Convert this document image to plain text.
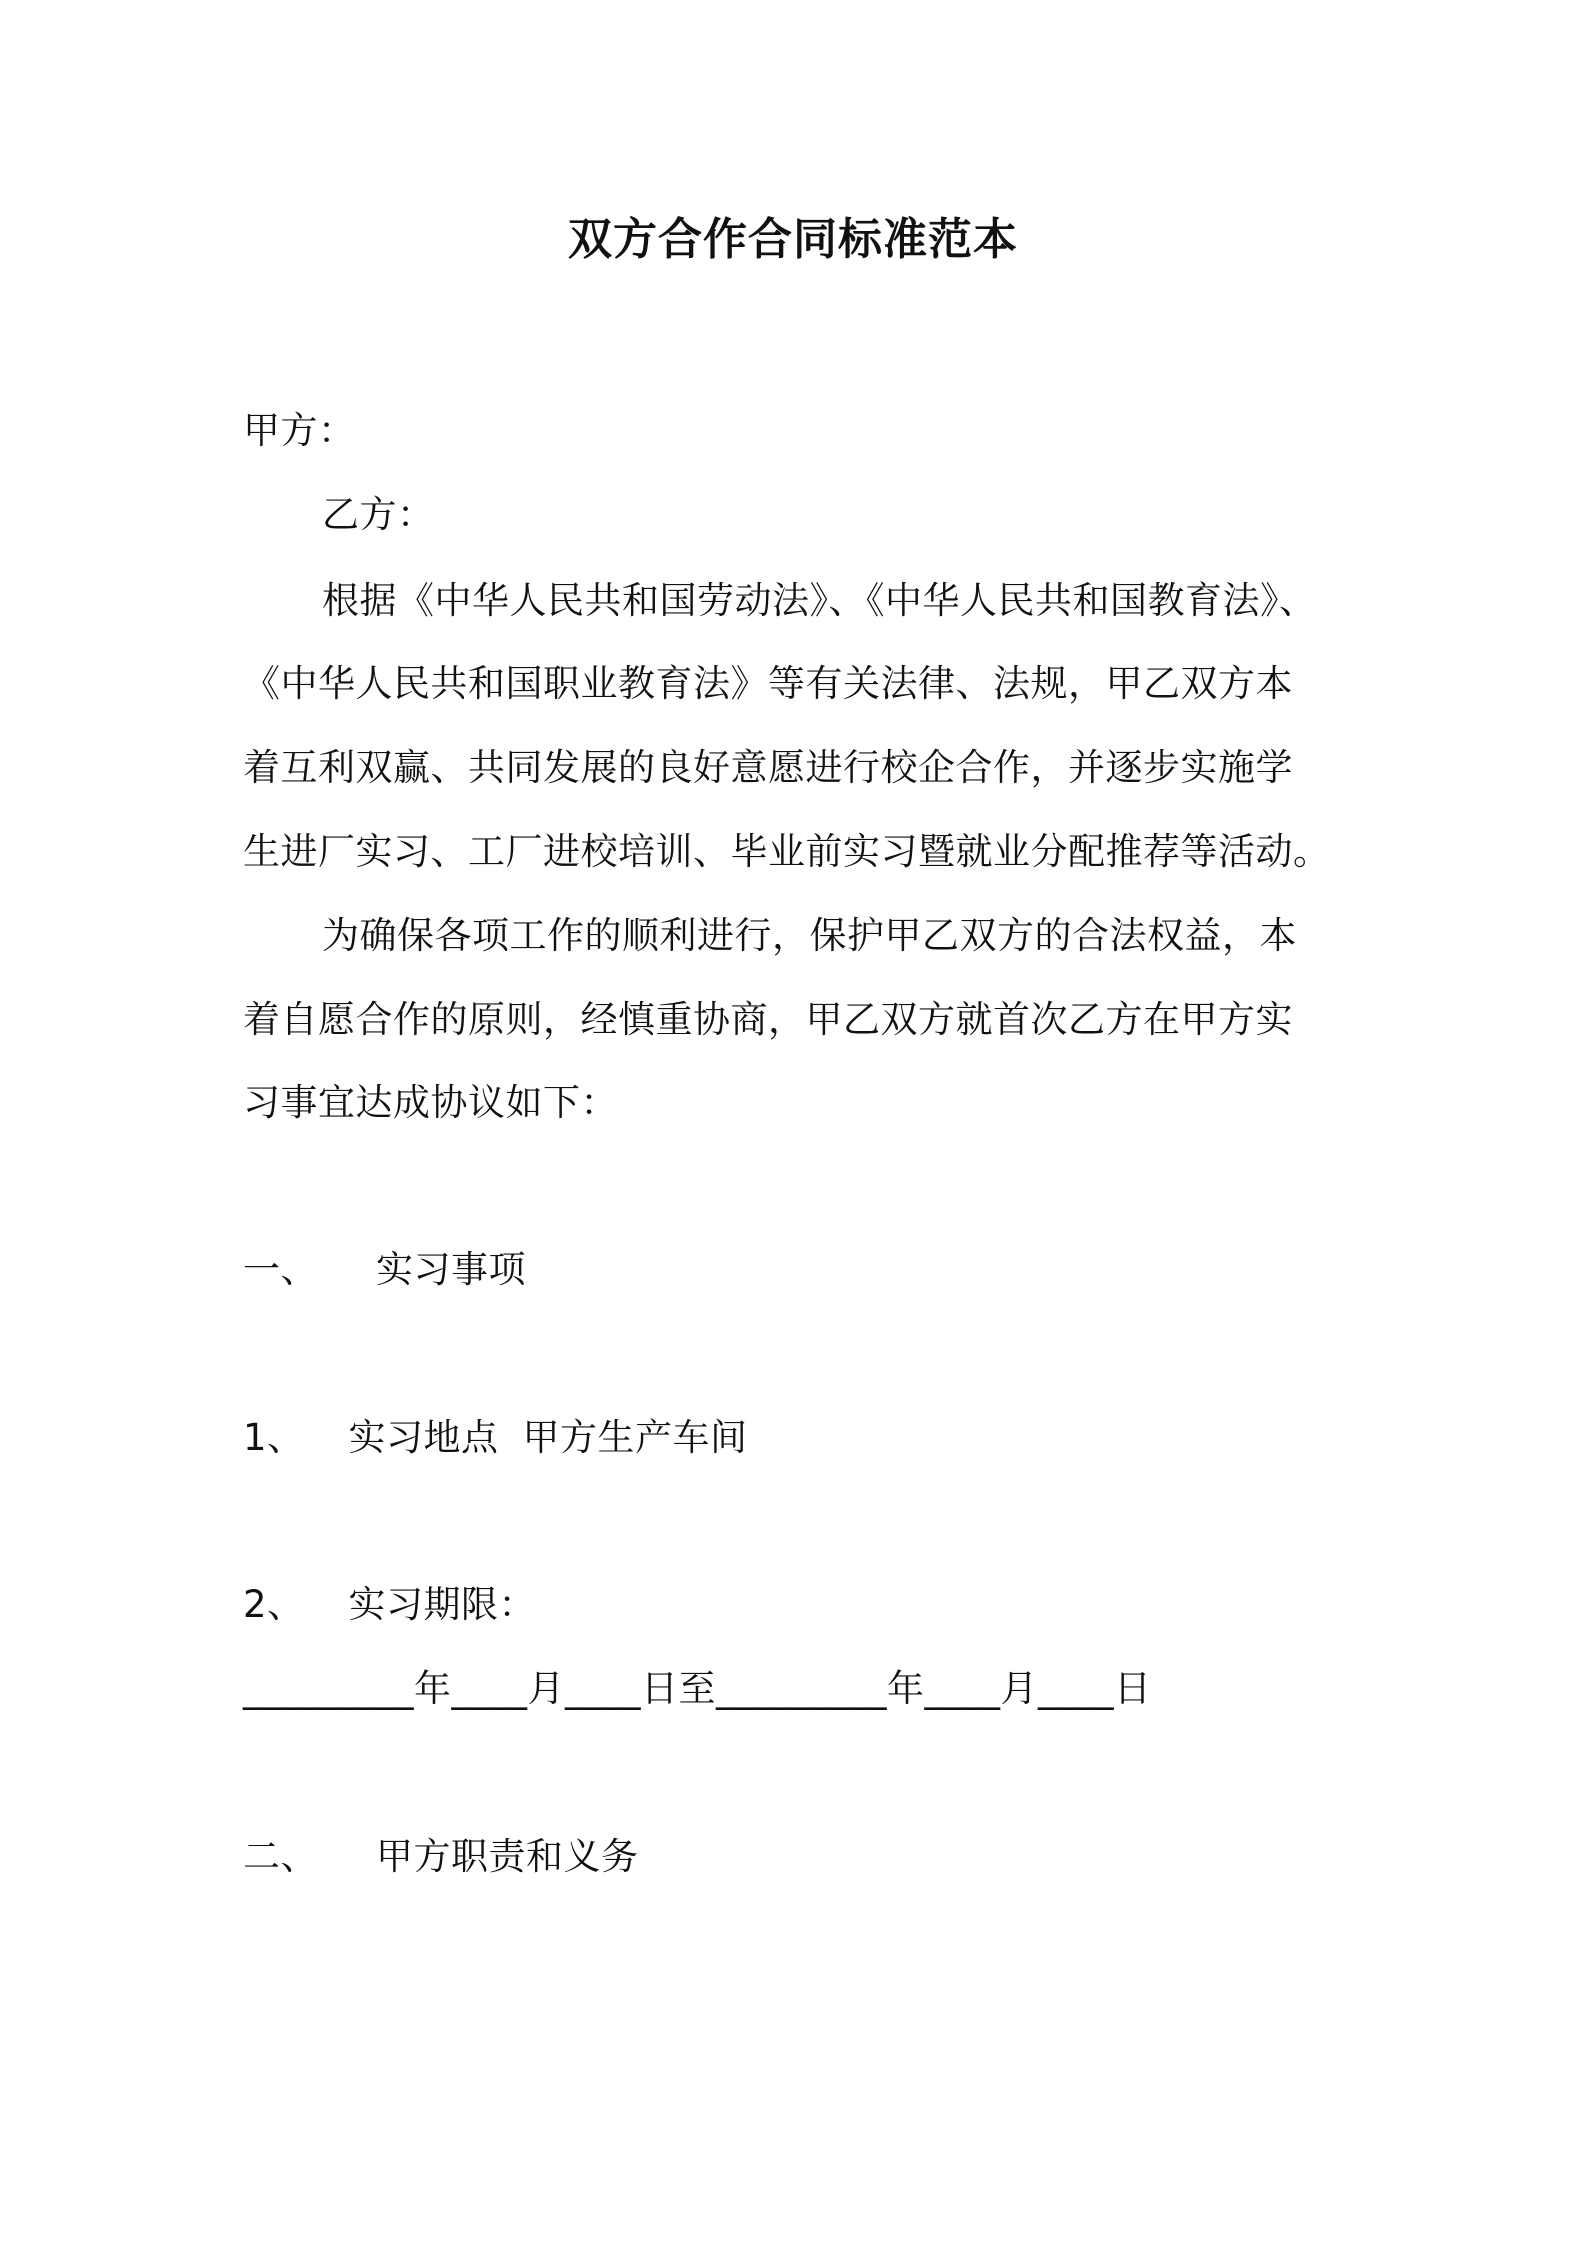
双方合作合同标准范本
甲方：
乙方：
根据《中华人民共和国劳动法》、《中华人民共和国教育法》、
《中华人民共和国职业教育法》等有关法律、法规，甲乙双方本
着互利双赢、共同发展的良好意愿进行校企合作，并逐步实施学
生进厂实习、工厂进校培训、毕业前实习暨就业分配推荐等活动。
为确保各项工作的顺利进行，保护甲乙双方的合法权益，本
着自愿合作的原则，经慎重协商，甲乙双方就首次乙方在甲方实
习事宜达成协议如下：
一、 实习事项
1、 实习地点 甲方生产车间
2、 实习期限：
_________年____月____日至_________年____月____日
二、 甲方职责和义务
